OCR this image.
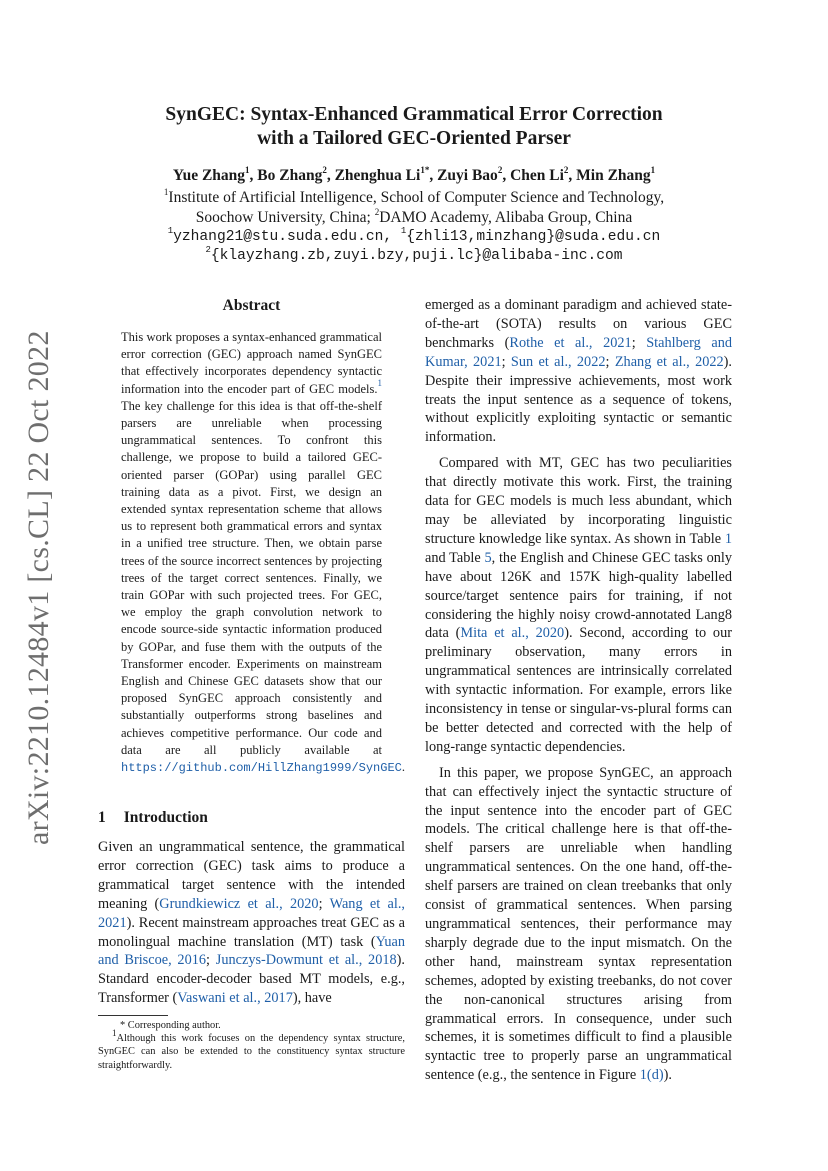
arXiv:2210.12484v1 [cs.CL] 22 Oct 2022
SynGEC: Syntax-Enhanced Grammatical Error Correction
with a Tailored GEC-Oriented Parser
Yue Zhang$^1$, Bo Zhang$^2$, Zhenghua $Li^{1*}$, Zuyi Bao$^2$, Chen Li$^2$, Min Zhang$^1$
$^1$Institute of Artificial Intelligence, School of Computer Science and Technology,
Soochow University, China; $^2$DAMO Academy, Alibaba Group, China
$^1$yzhang21@stu.suda.edu.cn, $^1${zhli13,minzhang}@suda.edu.cn
$^2${klayzhang.zb,zuyi.bzy,puji.lc}@alibaba-inc.com
Abstract
This work proposes a syntax-enhanced grammatical error correction (GEC) approach named SynGEC that effectively incorporates dependency syntactic information into the encoder part of GEC models.$^1$ The key challenge for this idea is that off-the-shelf parsers are unreliable when processing ungrammatical sentences. To confront this challenge, we propose to build a tailored GEC-oriented parser (GOPar) using parallel GEC training data as a pivot. First, we design an extended syntax representation scheme that allows us to represent both grammatical errors and syntax in a unified tree structure. Then, we obtain parse trees of the source incorrect sentences by projecting trees of the target correct sentences. Finally, we train GOPar with such projected trees. For GEC, we employ the graph convolution network to encode source-side syntactic information produced by GOPar, and fuse them with the outputs of the Transformer encoder. Experiments on mainstream English and Chinese GEC datasets show that our proposed SynGEC approach consistently and substantially outperforms strong baselines and achieves competitive performance. Our code and data are all publicly available at https://github.com/HillZhang1999/SynGEC.
1 Introduction
Given an ungrammatical sentence, the grammatical error correction (GEC) task aims to produce a grammatical target sentence with the intended meaning (Grundkiewicz et al., 2020; Wang et al., 2021). Recent mainstream approaches treat GEC as a monolingual machine translation (MT) task (Yuan and Briscoe, 2016; Junczys-Dowmunt et al., 2018). Standard encoder-decoder based MT models, e.g., Transformer (Vaswani et al., 2017), have

* Corresponding author.

$^1$Although this work focuses on the dependency syntax structure, SynGEC can also be extended to the constituency syntax structure straightforwardly.

emerged as a dominant paradigm and achieved state-of-the-art (SOTA) results on various GEC benchmarks (Rothe et al., 2021; Stahlberg and Kumar, 2021; Sun et al., 2022; Zhang et al., 2022). Despite their impressive achievements, most work treats the input sentence as a sequence of tokens, without explicitly exploiting syntactic or semantic information.

Compared with MT, GEC has two peculiarities that directly motivate this work. First, the training data for GEC models is much less abundant, which may be alleviated by incorporating linguistic structure knowledge like syntax. As shown in Table 1 and Table 5, the English and Chinese GEC tasks only have about 126K and 157K high-quality labelled source/target sentence pairs for training, if not considering the highly noisy crowd-annotated Lang8 data (Mita et al., 2020). Second, according to our preliminary observation, many errors in ungrammatical sentences are intrinsically correlated with syntactic information. For example, errors like inconsistency in tense or singular-vs-plural forms can be better detected and corrected with the help of long-range syntactic dependencies.

In this paper, we propose SynGEC, an approach that can effectively inject the syntactic structure of the input sentence into the encoder part of GEC models. The critical challenge here is that off-the-shelf parsers are unreliable when handling ungrammatical sentences. On the one hand, off-the-shelf parsers are trained on clean treebanks that only consist of grammatical sentences. When parsing ungrammatical sentences, their performance may sharply degrade due to the input mismatch. On the other hand, mainstream syntax representation schemes, adopted by existing treebanks, do not cover the non-canonical structures arising from grammatical errors. In consequence, under such schemes, it is sometimes difficult to find a plausible syntactic tree to properly parse an ungrammatical sentence (e.g., the sentence in Figure 1(d)).
